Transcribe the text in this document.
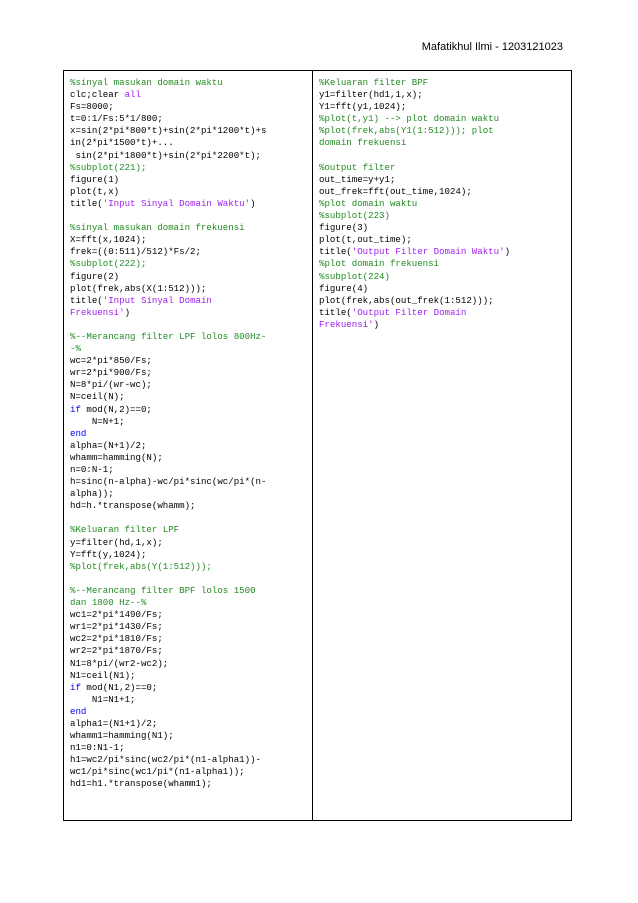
Mafatikhul Ilmi - 1203121023
%sinyal masukan domain waktu
clc;clear all
Fs=8000;
t=0:1/Fs:5*1/800;
x=sin(2*pi*800*t)+sin(2*pi*1200*t)+s
in(2*pi*1500*t)+...
sin(2*pi*1800*t)+sin(2*pi*2200*t);
%subplot(221);
figure(1)
plot(t,x)
title('Input Sinyal Domain Waktu')
%sinyal masukan domain frekuensi
X=fft(x,1024);
frek=((0:511)/512)*Fs/2;
%subplot(222);
figure(2)
plot(frek,abs(X(1:512)));
title('Input Sinyal Domain
Frekuensi')
%--Merancang filter LPF lolos 800Hz-
-%
wc=2*pi*850/Fs;
wr=2*pi*900/Fs;
N=8*pi/(wr-wc);
N=ceil(N);
if mod(N,2)==0;
N=N+1;
end
alpha=(N+1)/2;
whamm=hamming(N);
n=0:N-1;
h=sinc(n-alpha)-wc/pi*sinc(wc/pi*(n-
alpha));
hd=h.*transpose(whamm);
%Keluaran filter LPF
y=filter(hd,1,x);
Y=fft(y,1024);
%plot(frek,abs(Y(1:512)));
%--Merancang filter BPF lolos 1500
dan 1800 Hz--%
wc1=2*pi*1490/Fs;
wr1=2*pi*1430/Fs;
wc2=2*pi*1810/Fs;
wr2=2*pi*1870/Fs;
N1=8*pi/(wr2-wc2);
N1=ceil(N1);
if mod(N1,2)==0;
N1=N1+1;
end
alpha1=(N1+1)/2;
whamm1=hamming(N1);
n1=0:N1-1;
h1=wc2/pi*sinc(wc2/pi*(n1-alpha1))-
wc1/pi*sinc(wc1/pi*(n1-alpha1));
hd1=h1.*transpose(whamm1);
%Keluaran filter BPF
y1=filter(hd1,1,x);
Y1=fft(y1,1024);
%plot(t,y1) --> plot domain waktu
%plot(frek,abs(Y1(1:512))); plot
domain frekuensi
%output filter
out_time=y+y1;
out_frek=fft(out_time,1024);
%plot domain waktu
%subplot(223)
figure(3)
plot(t,out_time);
title('Output Filter Domain Waktu')
%plot domain frekuensi
%subplot(224)
figure(4)
plot(frek,abs(out_frek(1:512)));
title('Output Filter Domain
Frekuensi')
